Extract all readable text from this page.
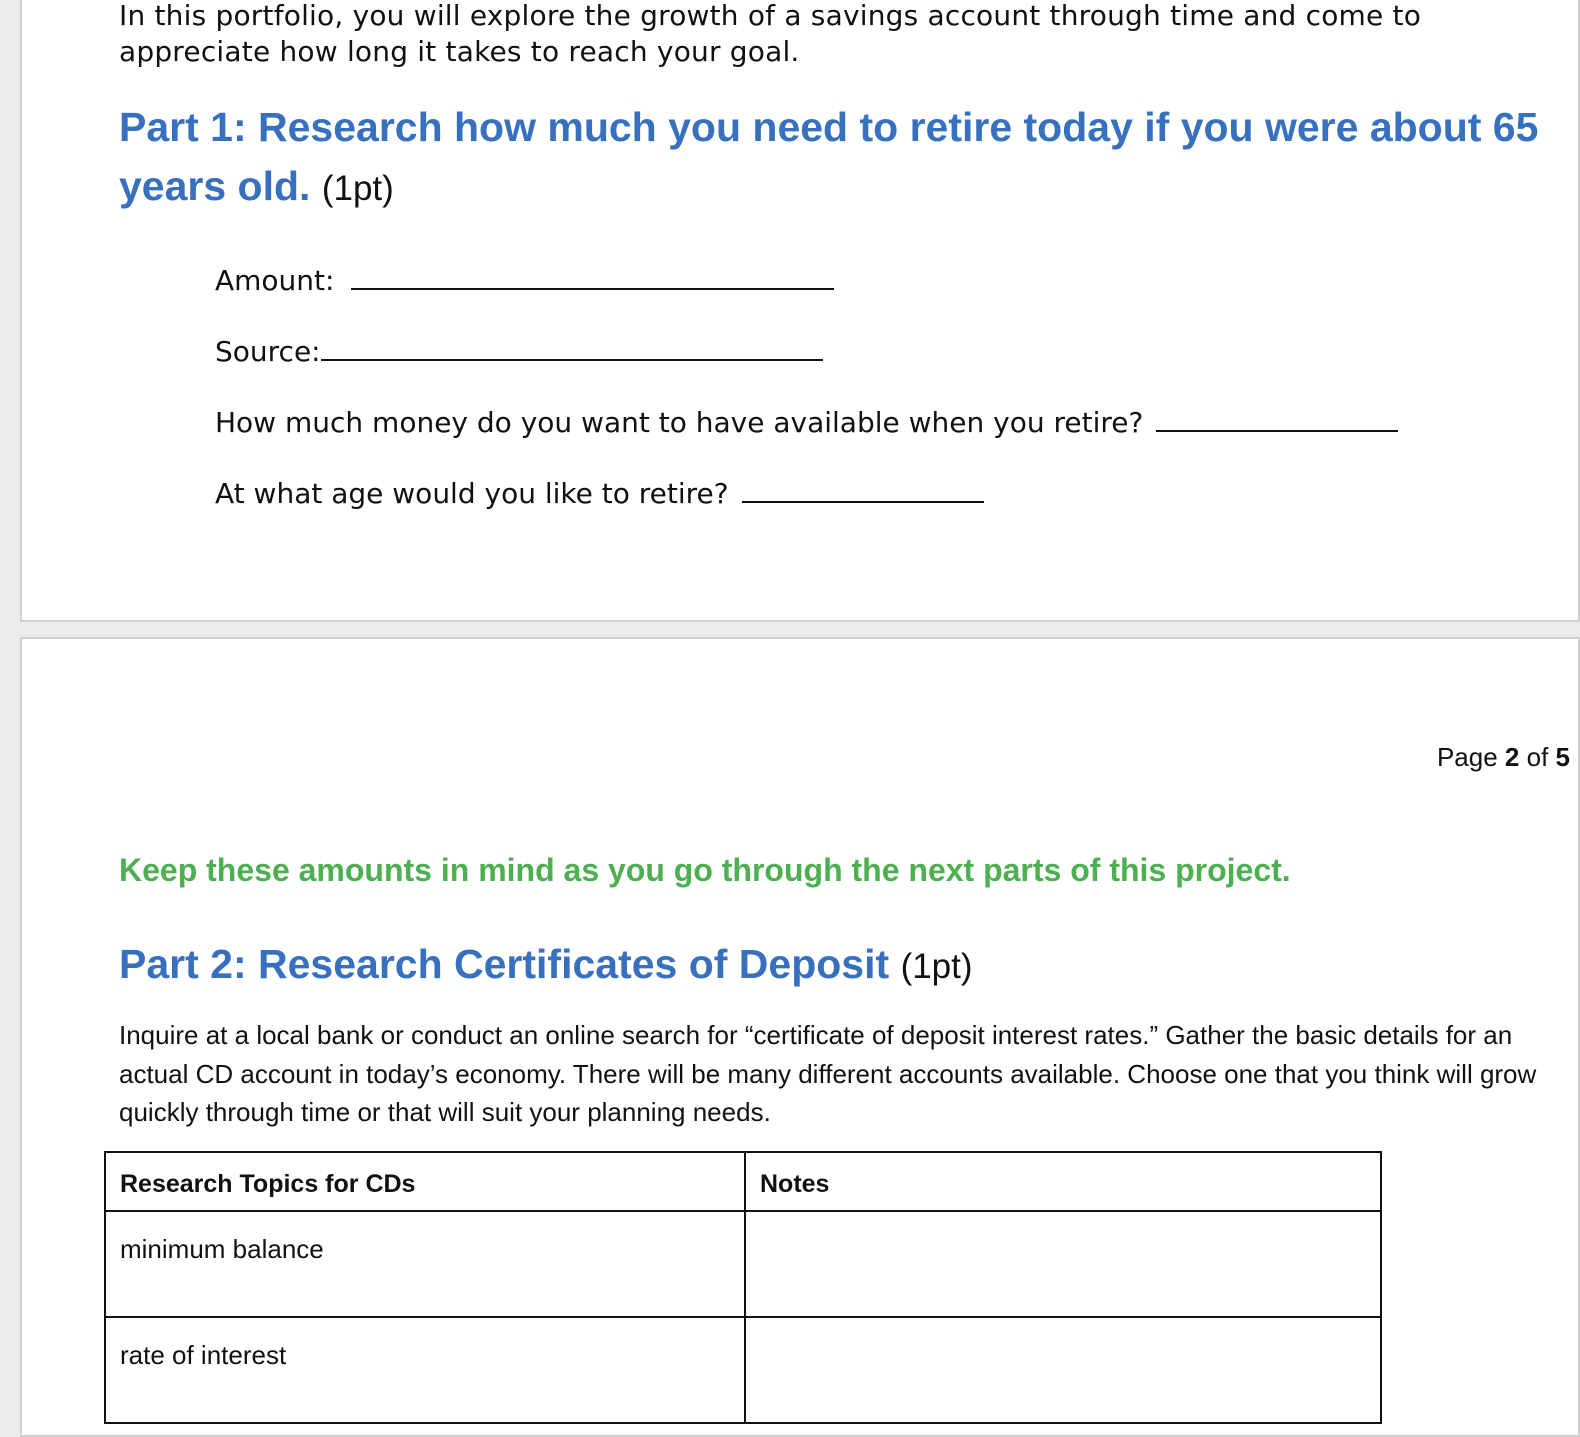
In this portfolio, you will explore the growth of a savings account through time and come to appreciate how long it takes to reach your goal.
Part 1: Research how much you need to retire today if you were about 65 years old. (1pt)
Amount:
Source:
How much money do you want to have available when you retire?
At what age would you like to retire?
Page 2 of 5
Keep these amounts in mind as you go through the next parts of this project.
Part 2: Research Certificates of Deposit (1pt)
Inquire at a local bank or conduct an online search for “certificate of deposit interest rates.” Gather the basic details for an actual CD account in today’s economy. There will be many different accounts available. Choose one that you think will grow quickly through time or that will suit your planning needs.
Research Topics for CDs	Notes
minimum balance	
rate of interest	
